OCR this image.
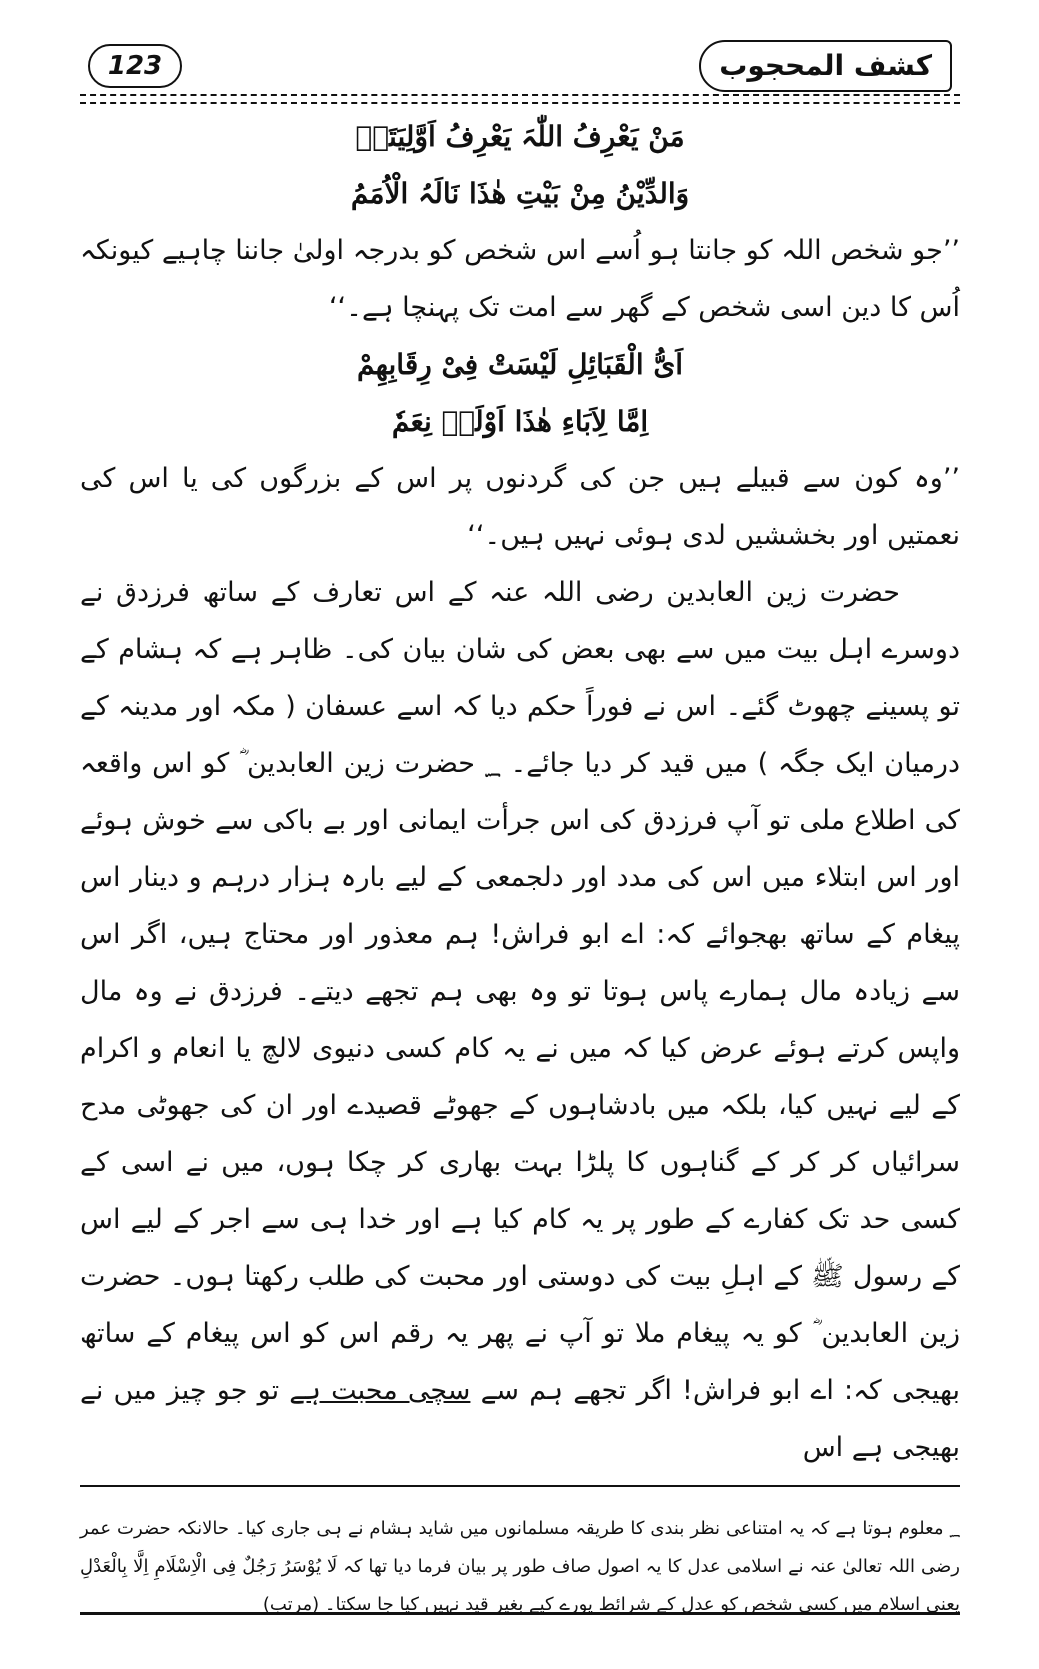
123	کشف المحجوب
مَنْ یَعْرِفُ اللّٰہَ یَعْرِفُ اَوَّلِیَتَہٗ
وَالدِّیْنُ مِنْ بَیْتِ ھٰذَا نَالَہُ الْاُمَمُ

’’جو شخص اللہ کو جانتا ہو اُسے اس شخص کو بدرجہ اولیٰ جاننا چاہیے کیونکہ اُس کا دین اسی شخص کے گھر سے امت تک پہنچا ہے۔‘‘

اَیُّ الْقَبَائِلِ لَیْسَتْ فِیْ رِقَابِھِمْ
اِمَّا لِاَبَاءِ ھٰذَا اَوْلَہٗ نِعَمٗ

’’وہ کون سے قبیلے ہیں جن کی گردنوں پر اس کے بزرگوں کی یا اس کی نعمتیں اور بخششیں لدی ہوئی نہیں ہیں۔‘‘

حضرت زین العابدین رضی اللہ عنہ کے اس تعارف کے ساتھ فرزدق نے دوسرے اہل بیت میں سے بھی بعض کی شان بیان کی۔ ظاہر ہے کہ ہشام کے تو پسینے چھوٹ گئے۔ اس نے فوراً حکم دیا کہ اسے عسفان ( مکہ اور مدینہ کے درمیان ایک جگہ ) میں قید کر دیا جائے۔ ؁ حضرت زین العابدین ؓ کو اس واقعہ کی اطلاع ملی تو آپ فرزدق کی اس جرأت ایمانی اور بے باکی سے خوش ہوئے اور اس ابتلاء میں اس کی مدد اور دلجمعی کے لیے بارہ ہزار درہم و دینار اس پیغام کے ساتھ بھجوائے کہ: اے ابو فراش! ہم معذور اور محتاج ہیں، اگر اس سے زیادہ مال ہمارے پاس ہوتا تو وہ بھی ہم تجھے دیتے۔ فرزدق نے وہ مال واپس کرتے ہوئے عرض کیا کہ میں نے یہ کام کسی دنیوی لالچ یا انعام و اکرام کے لیے نہیں کیا، بلکہ میں بادشاہوں کے جھوٹے قصیدے اور ان کی جھوٹی مدح سرائیاں کر کر کے گناہوں کا پلڑا بہت بھاری کر چکا ہوں، میں نے اسی کے کسی حد تک کفارے کے طور پر یہ کام کیا ہے اور خدا ہی سے اجر کے لیے اس کے رسول ﷺ کے اہلِ بیت کی دوستی اور محبت کی طلب رکھتا ہوں۔ حضرت زین العابدین ؓ کو یہ پیغام ملا تو آپ نے پھر یہ رقم اس کو اس پیغام کے ساتھ بھیجی کہ: اے ابو فراش! اگر تجھے ہم سے سچی محبت ہے تو جو چیز میں نے بھیجی ہے اس

؁ معلوم ہوتا ہے کہ یہ امتناعی نظر بندی کا طریقہ مسلمانوں میں شاید ہشام نے ہی جاری کیا۔ حالانکہ حضرت عمر رضی اللہ تعالیٰ عنہ نے اسلامی عدل کا یہ اصول صاف طور پر بیان فرما دیا تھا کہ لَا یُوْسَرُ رَجُلٌ فِی الْاِسْلَامِ اِلَّا بِالْعَدْلِ یعنی اسلام میں کسی شخص کو عدل کے شرائط پورے کیے بغیر قید نہیں کیا جا سکتا۔ (مرتب)
